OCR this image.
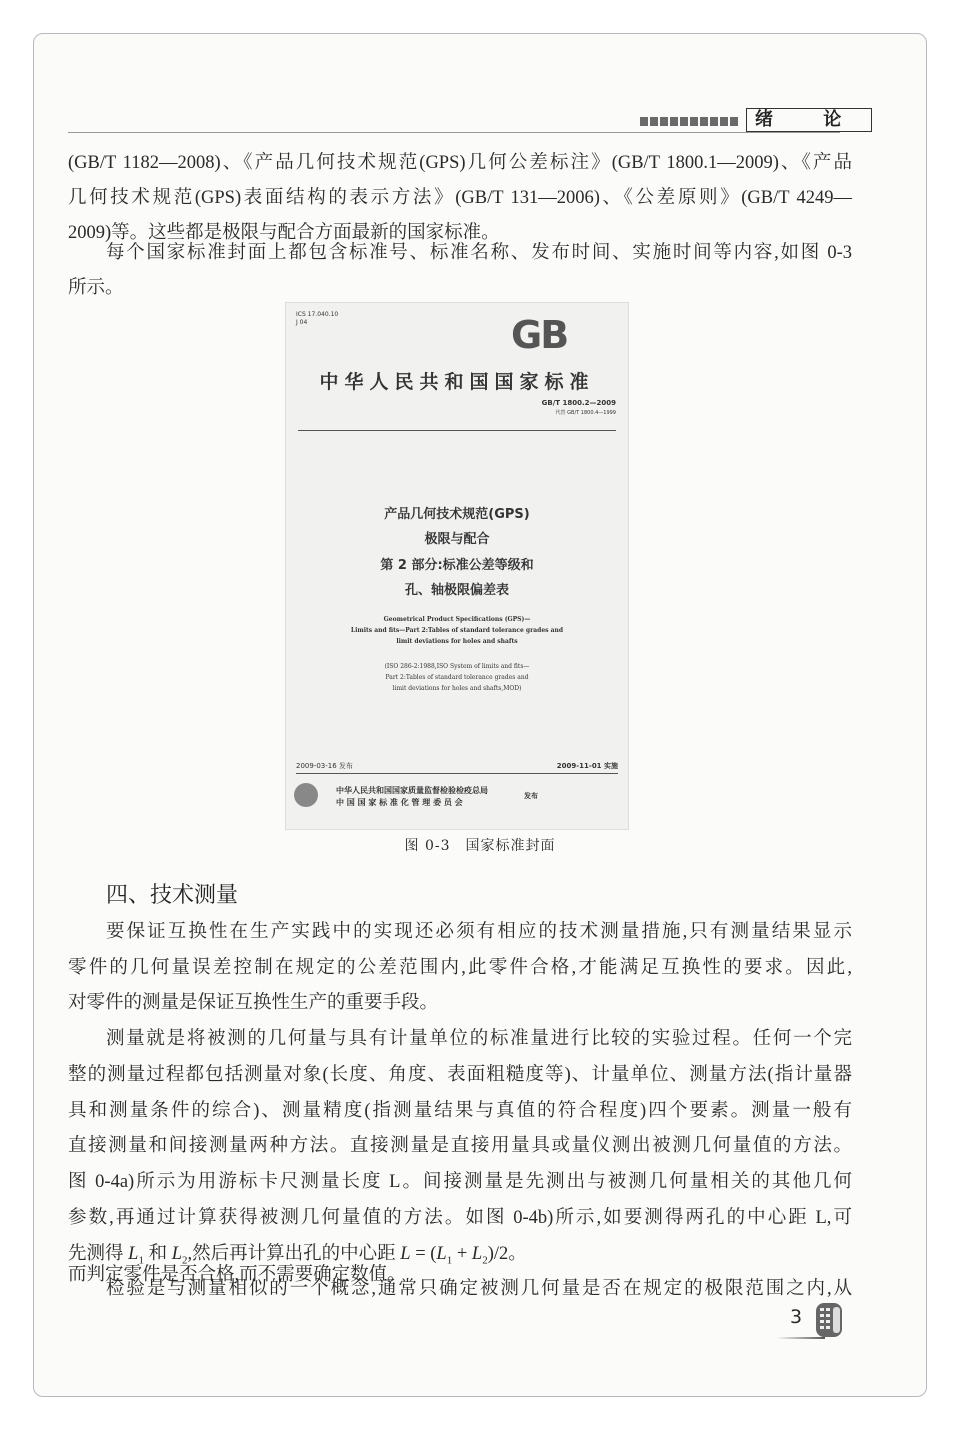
绪 论
(GB/T 1182—2008)、《产品几何技术规范(GPS)几何公差标注》(GB/T 1800.1—2009)、《产品
几何技术规范(GPS)表面结构的表示方法》(GB/T 131—2006)、《公差原则》(GB/T 4249—
2009)等。这些都是极限与配合方面最新的国家标准。
每个国家标准封面上都包含标准号、标准名称、发布时间、实施时间等内容,如图 0-3
所示。
ICS 17.040.10
J 04	GB
中华人民共和国国家标准
GB/T 1800.2—2009
代替 GB/T 1800.4—1999
产品几何技术规范(GPS)
极限与配合
第 2 部分:标准公差等级和
孔、轴极限偏差表
Geometrical Product Specifications (GPS)—
Limits and fits—Part 2:Tables of standard tolerance grades and
limit deviations for holes and shafts
(ISO 286-2:1988,ISO System of limits and fits—
Part 2:Tables of standard tolerance grades and
limit deviations for holes and shafts,MOD)
2009-03-16 发布	2009-11-01 实施
中华人民共和国国家质量监督检验检疫总局
中 国 国 家 标 准 化 管 理 委 员 会
发布
图 0-3　国家标准封面
四、技术测量
要保证互换性在生产实践中的实现还必须有相应的技术测量措施,只有测量结果显示
零件的几何量误差控制在规定的公差范围内,此零件合格,才能满足互换性的要求。因此,
对零件的测量是保证互换性生产的重要手段。
测量就是将被测的几何量与具有计量单位的标准量进行比较的实验过程。任何一个完
整的测量过程都包括测量对象(长度、角度、表面粗糙度等)、计量单位、测量方法(指计量器
具和测量条件的综合)、测量精度(指测量结果与真值的符合程度)四个要素。测量一般有
直接测量和间接测量两种方法。直接测量是直接用量具或量仪测出被测几何量值的方法。
图 0-4a)所示为用游标卡尺测量长度 L。间接测量是先测出与被测几何量相关的其他几何
参数,再通过计算获得被测几何量值的方法。如图 0-4b)所示,如要测得两孔的中心距 L,可
先测得 $L_1$ 和 $L_2$,然后再计算出孔的中心距 $L = (L_1 + L_2)/2$。
检验是与测量相似的一个概念,通常只确定被测几何量是否在规定的极限范围之内,从
而判定零件是否合格,而不需要确定数值。
3
